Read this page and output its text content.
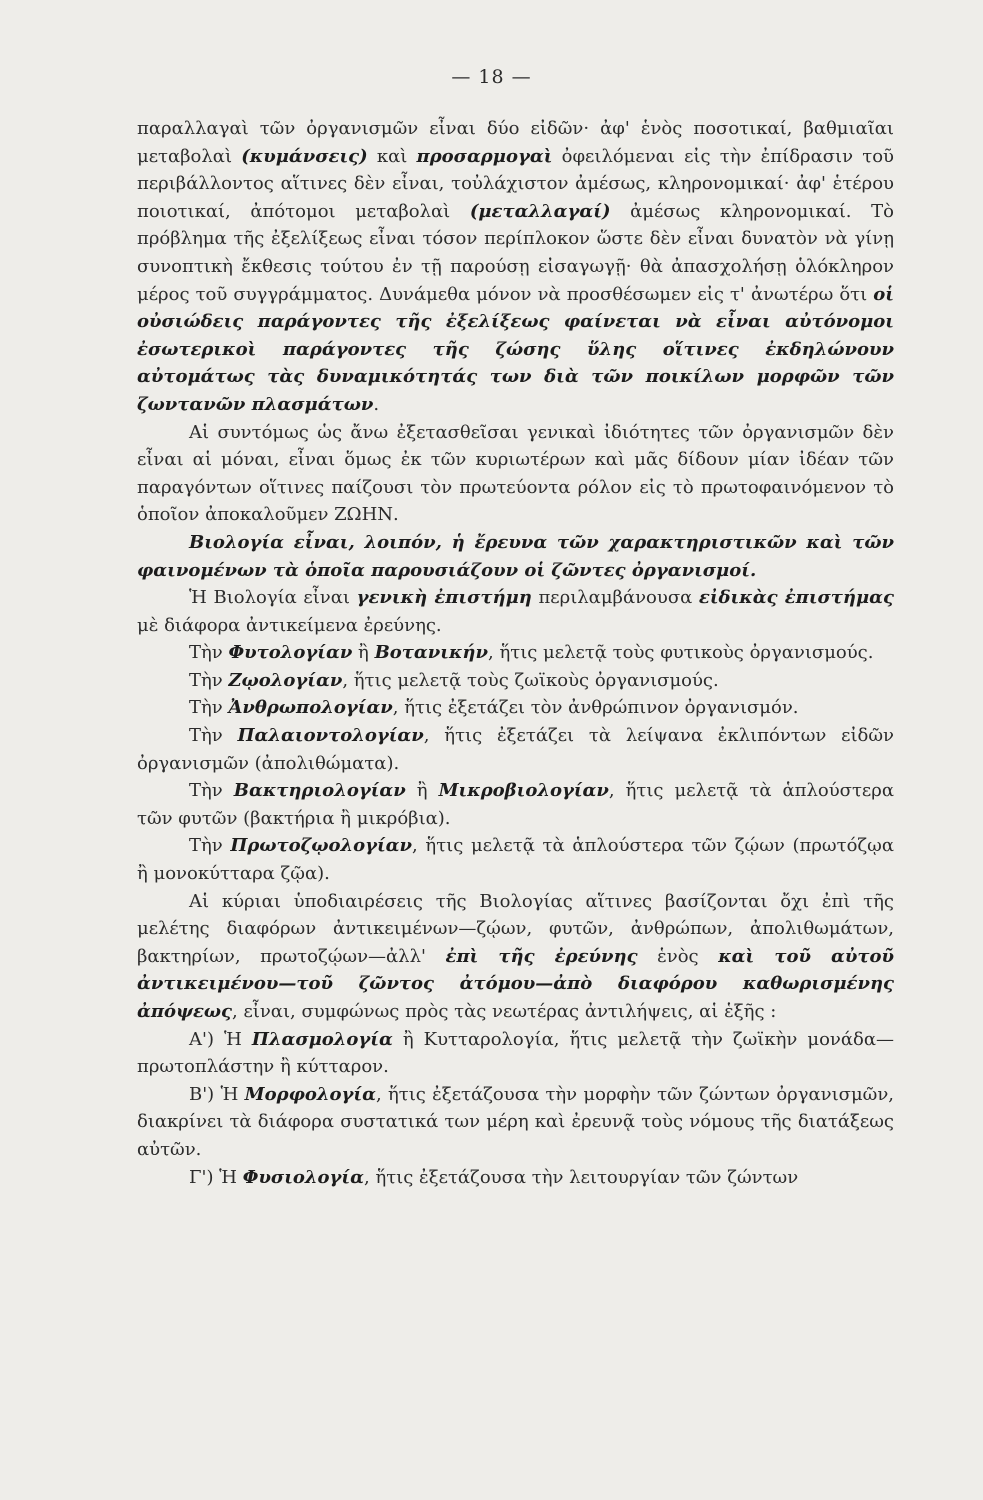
— 18 —

παραλλαγαὶ τῶν ὀργανισμῶν εἶναι δύο εἰδῶν· ἀφ' ἑνὸς ποσοτικαί, βαθμιαῖαι μεταβολαὶ (κυμάνσεις) καὶ προσαρμογαὶ ὀφειλόμεναι εἰς τὴν ἐπίδρασιν τοῦ περιβάλλοντος αἵτινες δὲν εἶναι, τοὐλάχιστον ἀμέσως, κληρονομικαί· ἀφ' ἑτέρου ποιοτικαί, ἀπότομοι μεταβολαὶ (μεταλλαγαί) ἀμέσως κληρονομικαί. Τὸ πρόβλημα τῆς ἐξελίξεως εἶναι τόσον περίπλοκον ὥστε δὲν εἶναι δυνατὸν νὰ γίνῃ συνοπτικὴ ἔκθεσις τούτου ἐν τῇ παρούσῃ εἰσαγωγῇ· θὰ ἀπασχολήσῃ ὁλόκληρον μέρος τοῦ συγγράμματος. Δυνάμεθα μόνον νὰ προσθέσωμεν εἰς τ' ἀνωτέρω ὅτι οἱ οὐσιώδεις παράγοντες τῆς ἐξελίξεως φαίνεται νὰ εἶναι αὐτόνομοι ἐσωτερικοὶ παράγοντες τῆς ζώσης ὕλης οἵτινες ἐκδηλώνουν αὐτομάτως τὰς δυναμικότητάς των διὰ τῶν ποικίλων μορφῶν τῶν ζωντανῶν πλασμάτων.

Αἱ συντόμως ὡς ἄνω ἐξετασθεῖσαι γενικαὶ ἰδιότητες τῶν ὀργανισμῶν δὲν εἶναι αἱ μόναι, εἶναι ὅμως ἐκ τῶν κυριωτέρων καὶ μᾶς δίδουν μίαν ἰδέαν τῶν παραγόντων οἵτινες παίζουσι τὸν πρωτεύοντα ρόλον εἰς τὸ πρωτοφαινόμενον τὸ ὁποῖον ἀποκαλοῦμεν ΖΩΗΝ.

Βιολογία εἶναι, λοιπόν, ἡ ἔρευνα τῶν χαρακτηριστικῶν καὶ τῶν φαινομένων τὰ ὁποῖα παρουσιάζουν οἱ ζῶντες ὀργανισμοί.

Ἡ Βιολογία εἶναι γενικὴ ἐπιστήμη περιλαμβάνουσα εἰδικὰς ἐπιστήμας μὲ διάφορα ἀντικείμενα ἐρεύνης.

Τὴν Φυτολογίαν ἢ Βοτανικήν, ἥτις μελετᾷ τοὺς φυτικοὺς ὀργανισμούς.

Τὴν Ζῳολογίαν, ἥτις μελετᾷ τοὺς ζωϊκοὺς ὀργανισμούς.

Τὴν Ἀνθρωπολογίαν, ἥτις ἐξετάζει τὸν ἀνθρώπινον ὀργανισμόν.

Τὴν Παλαιοντολογίαν, ἥτις ἐξετάζει τὰ λείψανα ἐκλιπόντων εἰδῶν ὀργανισμῶν (ἀπολιθώματα).

Τὴν Βακτηριολογίαν ἢ Μικροβιολογίαν, ἥτις μελετᾷ τὰ ἁπλούστερα τῶν φυτῶν (βακτήρια ἢ μικρόβια).

Τὴν Πρωτοζῳολογίαν, ἥτις μελετᾷ τὰ ἁπλούστερα τῶν ζῴων (πρωτόζῳα ἢ μονοκύτταρα ζῷα).

Αἱ κύριαι ὑποδιαιρέσεις τῆς Βιολογίας αἵτινες βασίζονται ὄχι ἐπὶ τῆς μελέτης διαφόρων ἀντικειμένων—ζῴων, φυτῶν, ἀνθρώπων, ἀπολιθωμάτων, βακτηρίων, πρωτοζῴων—ἀλλ' ἐπὶ τῆς ἐρεύνης ἑνὸς καὶ τοῦ αὐτοῦ ἀντικειμένου—τοῦ ζῶντος ἀτόμου—ἀπὸ διαφόρου καθωρισμένης ἀπόψεως, εἶναι, συμφώνως πρὸς τὰς νεωτέρας ἀντιλήψεις, αἱ ἑξῆς :

Α') Ἡ Πλασμολογία ἢ Κυτταρολογία, ἥτις μελετᾷ τὴν ζωϊκὴν μονάδα—πρωτοπλάστην ἢ κύτταρον.

Β') Ἡ Μορφολογία, ἥτις ἐξετάζουσα τὴν μορφὴν τῶν ζώντων ὀργανισμῶν, διακρίνει τὰ διάφορα συστατικά των μέρη καὶ ἐρευνᾷ τοὺς νόμους τῆς διατάξεως αὐτῶν.

Γ') Ἡ Φυσιολογία, ἥτις ἐξετάζουσα τὴν λειτουργίαν τῶν ζώντων
